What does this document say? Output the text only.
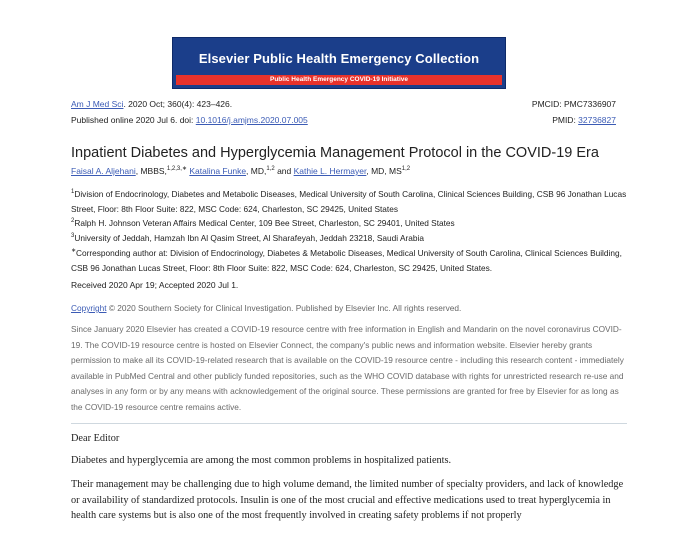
Elsevier Public Health Emergency Collection
Public Health Emergency COVID-19 Initiative
Am J Med Sci. 2020 Oct; 360(4): 423–426.	PMCID: PMC7336907
Published online 2020 Jul 6. doi: 10.1016/j.amjms.2020.07.005	PMID: 32736827
Inpatient Diabetes and Hyperglycemia Management Protocol in the COVID-19 Era
Faisal A. Aljehani, MBBS,$^{1,2,3,∗}$ Katalina Funke, MD,$^{1,2}$ and Kathie L. Hermayer, MD, MS$^{1,2}$
$^1$Division of Endocrinology, Diabetes and Metabolic Diseases, Medical University of South Carolina, Clinical Sciences Building, CSB 96 Jonathan Lucas Street, Floor: 8th Floor Suite: 822, MSC Code: 624, Charleston, SC 29425, United States
$^2$Ralph H. Johnson Veteran Affairs Medical Center, 109 Bee Street, Charleston, SC 29401, United States
$^3$University of Jeddah, Hamzah Ibn Al Qasim Street, Al Sharafeyah, Jeddah 23218, Saudi Arabia
∗Corresponding author at: Division of Endocrinology, Diabetes & Metabolic Diseases, Medical University of South Carolina, Clinical Sciences Building, CSB 96 Jonathan Lucas Street, Floor: 8th Floor Suite: 822, MSC Code: 624, Charleston, SC 29425, United States.
Received 2020 Apr 19; Accepted 2020 Jul 1.
Copyright © 2020 Southern Society for Clinical Investigation. Published by Elsevier Inc. All rights reserved.
Since January 2020 Elsevier has created a COVID-19 resource centre with free information in English and Mandarin on the novel coronavirus COVID-19. The COVID-19 resource centre is hosted on Elsevier Connect, the company's public news and information website. Elsevier hereby grants permission to make all its COVID-19-related research that is available on the COVID-19 resource centre - including this research content - immediately available in PubMed Central and other publicly funded repositories, such as the WHO COVID database with rights for unrestricted research re-use and analyses in any form or by any means with acknowledgement of the original source. These permissions are granted for free by Elsevier for as long as the COVID-19 resource centre remains active.
Dear Editor
Diabetes and hyperglycemia are among the most common problems in hospitalized patients.
Their management may be challenging due to high volume demand, the limited number of specialty providers, and lack of knowledge or availability of standardized protocols. Insulin is one of the most crucial and effective medications used to treat hyperglycemia in health care systems but is also one of the most frequently involved in creating safety problems if not properly
